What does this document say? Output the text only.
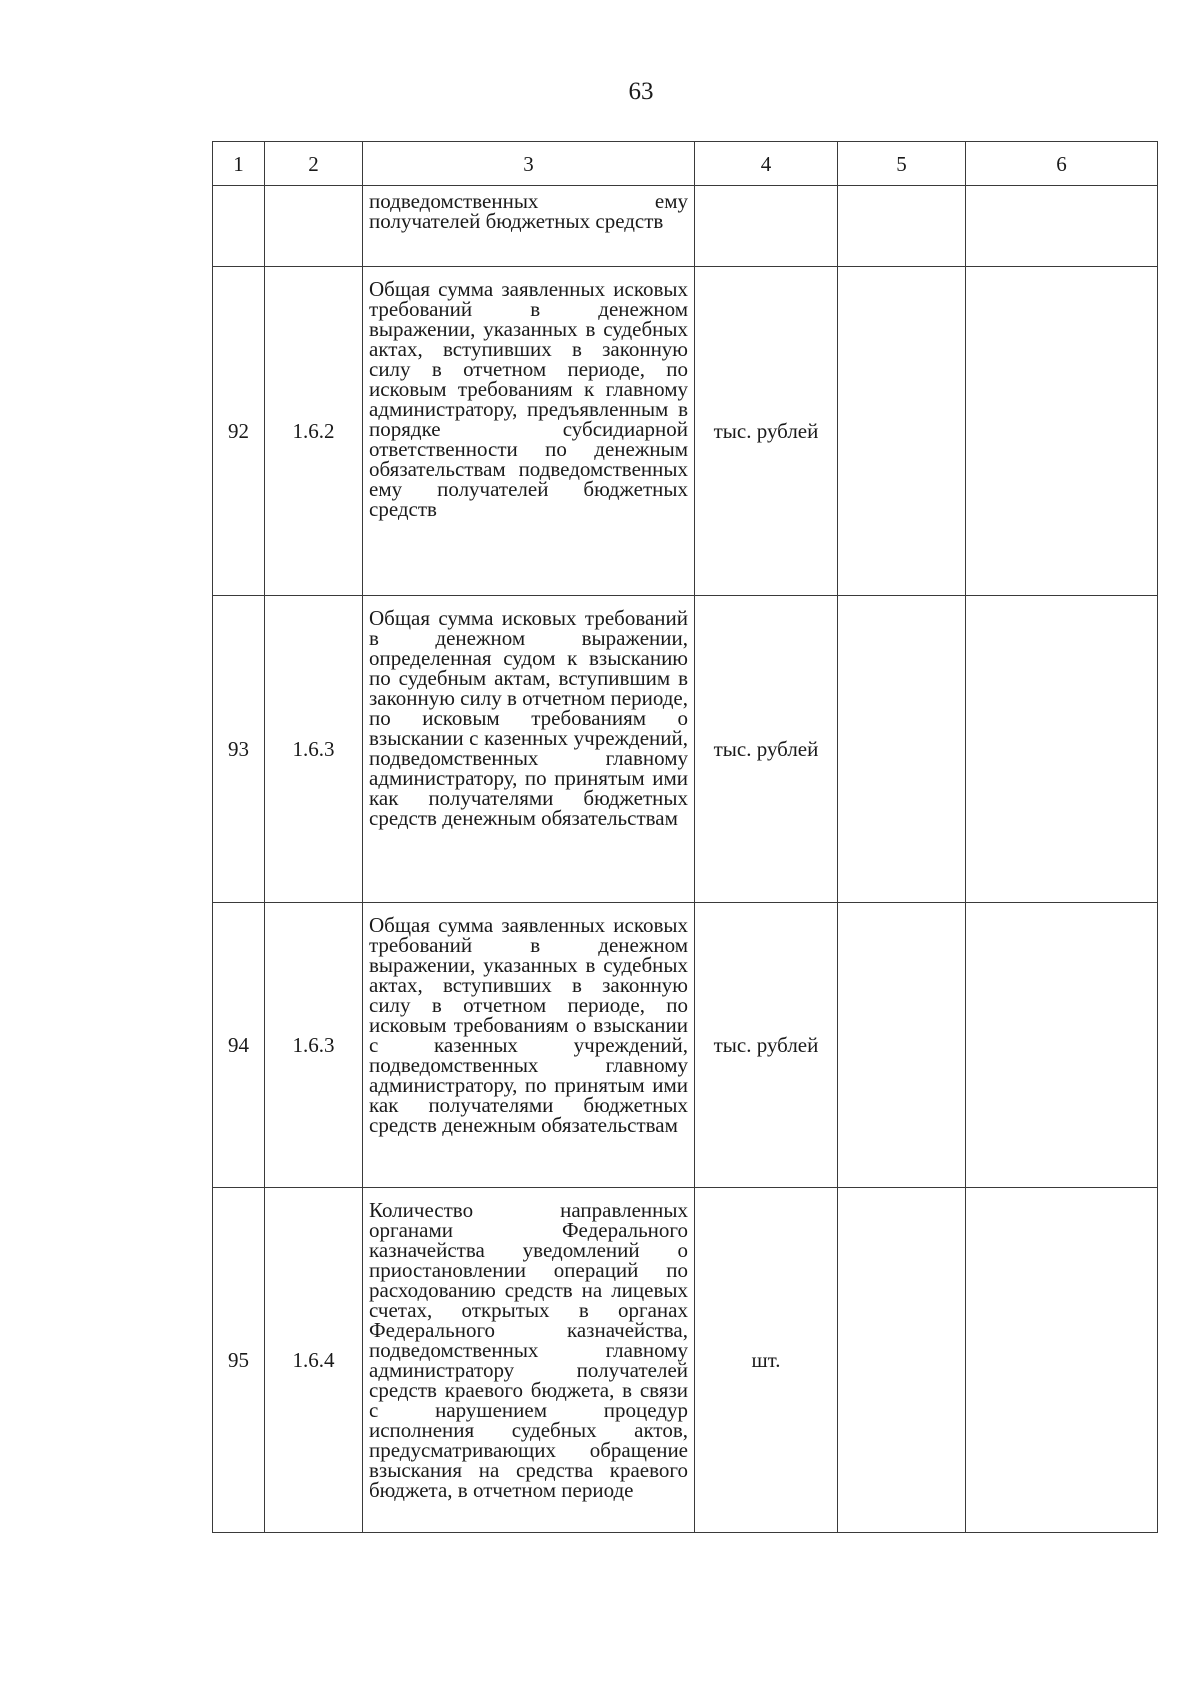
63
1	2	3	4	5	6
		подведомственных ему получателей бюджетных средств			
92	1.6.2	Общая сумма заявленных исковых требований в денежном выражении, указанных в судебных актах, вступивших в законную силу в отчетном периоде, по исковым требованиям к главному администратору, предъявленным в порядке субсидиарной ответственности по денежным обязательствам подведомственных ему получателей бюджетных средств	тыс. рублей		
93	1.6.3	Общая сумма исковых требований в денежном выражении, определенная судом к взысканию по судебным актам, вступившим в законную силу в отчетном периоде, по исковым требованиям о взыскании с казенных учреждений, подведомственных главному администратору, по принятым ими как получателями бюджетных средств денежным обязательствам	тыс. рублей		
94	1.6.3	Общая сумма заявленных исковых требований в денежном выражении, указанных в судебных актах, вступивших в законную силу в отчетном периоде, по исковым требованиям о взыскании с казенных учреждений, подведомственных главному администратору, по принятым ими как получателями бюджетных средств денежным обязательствам	тыс. рублей		
95	1.6.4	Количество направленных органами Федерального казначейства уведомлений о приостановлении операций по расходованию средств на лицевых счетах, открытых в органах Федерального казначейства, подведомственных главному администратору получателей средств краевого бюджета, в связи с нарушением процедур исполнения судебных актов, предусматривающих обращение взыскания на средства краевого бюджета, в отчетном периоде	шт.		
